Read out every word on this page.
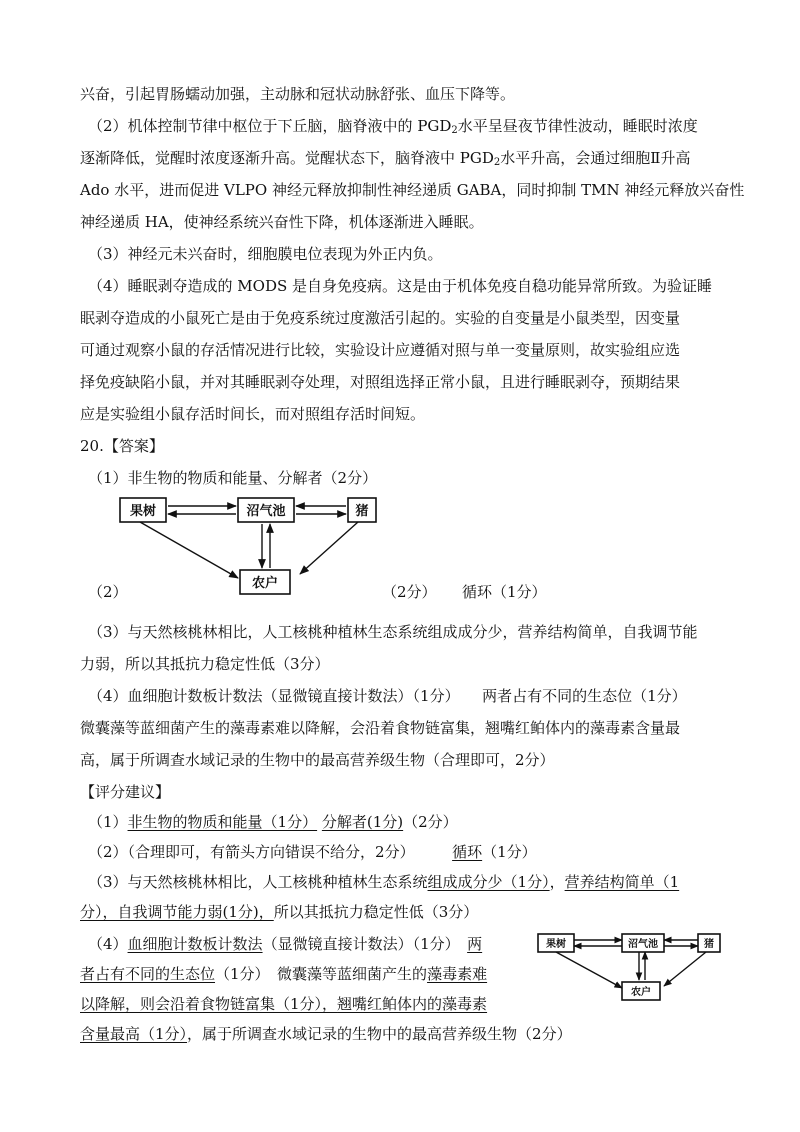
兴奋，引起胃肠蠕动加强，主动脉和冠状动脉舒张、血压下降等。
（2）机体控制节律中枢位于下丘脑，脑脊液中的 $PGD_2$水平呈昼夜节律性波动，睡眠时浓度
逐渐降低，觉醒时浓度逐渐升高。觉醒状态下，脑脊液中 $PGD_2$水平升高，会通过细胞Ⅱ升高
Ado 水平，进而促进 VLPO 神经元释放抑制性神经递质 GABA，同时抑制 TMN 神经元释放兴奋性
神经递质 HA，使神经系统兴奋性下降，机体逐渐进入睡眠。
（3）神经元未兴奋时，细胞膜电位表现为外正内负。
（4）睡眠剥夺造成的 MODS 是自身免疫病。这是由于机体免疫自稳功能异常所致。为验证睡
眠剥夺造成的小鼠死亡是由于免疫系统过度激活引起的。实验的自变量是小鼠类型，因变量
可通过观察小鼠的存活情况进行比较，实验设计应遵循对照与单一变量原则，故实验组应选
择免疫缺陷小鼠，并对其睡眠剥夺处理，对照组选择正常小鼠，且进行睡眠剥夺，预期结果
应是实验组小鼠存活时间长，而对照组存活时间短。
20.【答案】
（1）非生物的物质和能量、分解者（2分）
果树	沼气池	猪
农户
（2）	（2分）	循环（1分）
（3）与天然核桃林相比，人工核桃种植林生态系统组成成分少，营养结构简单，自我调节能
力弱，所以其抵抗力稳定性低（3分）
（4）血细胞计数板计数法（显微镜直接计数法）（1分）　　两者占有不同的生态位（1分）
微囊藻等蓝细菌产生的藻毒素难以降解，会沿着食物链富集，翘嘴红鲌体内的藻毒素含量最
高，属于所调查水域记录的生物中的最高营养级生物（合理即可，2分）
【评分建议】
（1）非生物的物质和能量（1分） 分解者(1分)（2分）
（2）（合理即可，有箭头方向错误不给分，2分）　　　	循环（1分）
（3）与天然核桃林相比，人工核桃种植林生态系统组成成分少（1分），营养结构简单（1
分），自我调节能力弱(1分)，所以其抵抗力稳定性低（3分）
（4）血细胞计数板计数法（显微镜直接计数法）（1分）　 两
者占有不同的生态位（1分）　微囊藻等蓝细菌产生的藻毒素难
以降解，则会沿着食物链富集（1分），翘嘴红鲌体内的藻毒素
含量最高（1分），属于所调查水域记录的生物中的最高营养级生物（2分）
果树	沼气池	猪
农户
